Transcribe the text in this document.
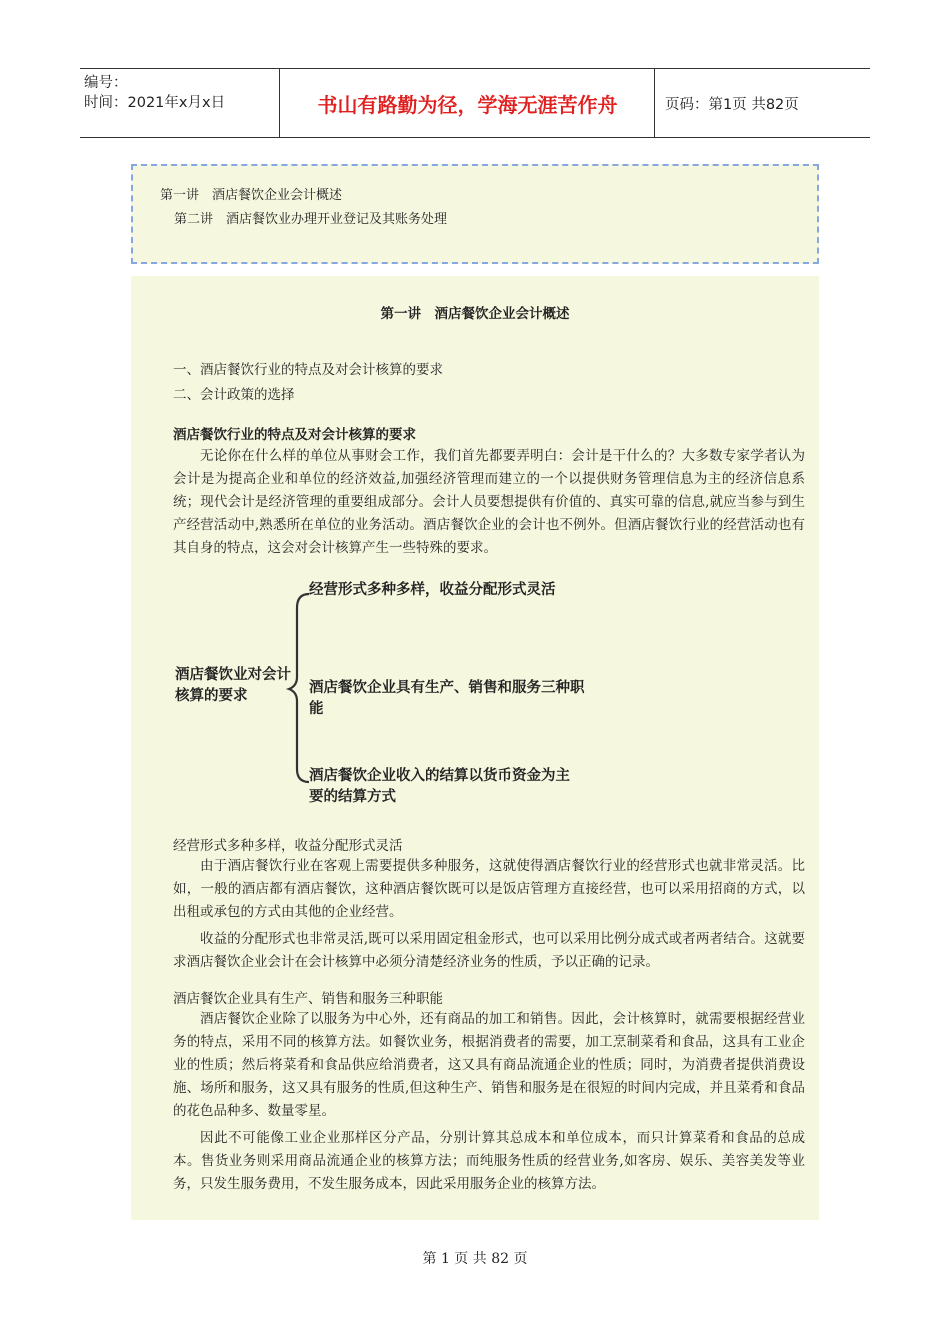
编号：
时间：2021年x月x日	书山有路勤为径，学海无涯苦作舟	页码：第1页 共82页
第一讲　酒店餐饮企业会计概述
第二讲　酒店餐饮业办理开业登记及其账务处理
第一讲　酒店餐饮企业会计概述
一、酒店餐饮行业的特点及对会计核算的要求
二、会计政策的选择
酒店餐饮行业的特点及对会计核算的要求

无论你在什么样的单位从事财会工作，我们首先都要弄明白：会计是干什么的？大多数专家学者认为会计是为提高企业和单位的经济效益,加强经济管理而建立的一个以提供财务管理信息为主的经济信息系统；现代会计是经济管理的重要组成部分。会计人员要想提供有价值的、真实可靠的信息,就应当参与到生产经营活动中,熟悉所在单位的业务活动。酒店餐饮企业的会计也不例外。但酒店餐饮行业的经营活动也有其自身的特点，这会对会计核算产生一些特殊的要求。

酒店餐饮业对会计核算的要求
经营形式多种多样，收益分配形式灵活
酒店餐饮企业具有生产、销售和服务三种职能
酒店餐饮企业收入的结算以货币资金为主要的结算方式
经营形式多种多样，收益分配形式灵活

由于酒店餐饮行业在客观上需要提供多种服务，这就使得酒店餐饮行业的经营形式也就非常灵活。比如，一般的酒店都有酒店餐饮，这种酒店餐饮既可以是饭店管理方直接经营，也可以采用招商的方式，以出租或承包的方式由其他的企业经营。

收益的分配形式也非常灵活,既可以采用固定租金形式，也可以采用比例分成式或者两者结合。这就要求酒店餐饮企业会计在会计核算中必须分清楚经济业务的性质，予以正确的记录。

酒店餐饮企业具有生产、销售和服务三种职能

酒店餐饮企业除了以服务为中心外，还有商品的加工和销售。因此，会计核算时，就需要根据经营业务的特点，采用不同的核算方法。如餐饮业务，根据消费者的需要，加工烹制菜肴和食品，这具有工业企业的性质；然后将菜肴和食品供应给消费者，这又具有商品流通企业的性质；同时，为消费者提供消费设施、场所和服务，这又具有服务的性质,但这种生产、销售和服务是在很短的时间内完成，并且菜肴和食品的花色品种多、数量零星。

因此不可能像工业企业那样区分产品，分别计算其总成本和单位成本，而只计算菜肴和食品的总成本。售货业务则采用商品流通企业的核算方法；而纯服务性质的经营业务,如客房、娱乐、美容美发等业务，只发生服务费用，不发生服务成本，因此采用服务企业的核算方法。

第 1 页 共 82 页
